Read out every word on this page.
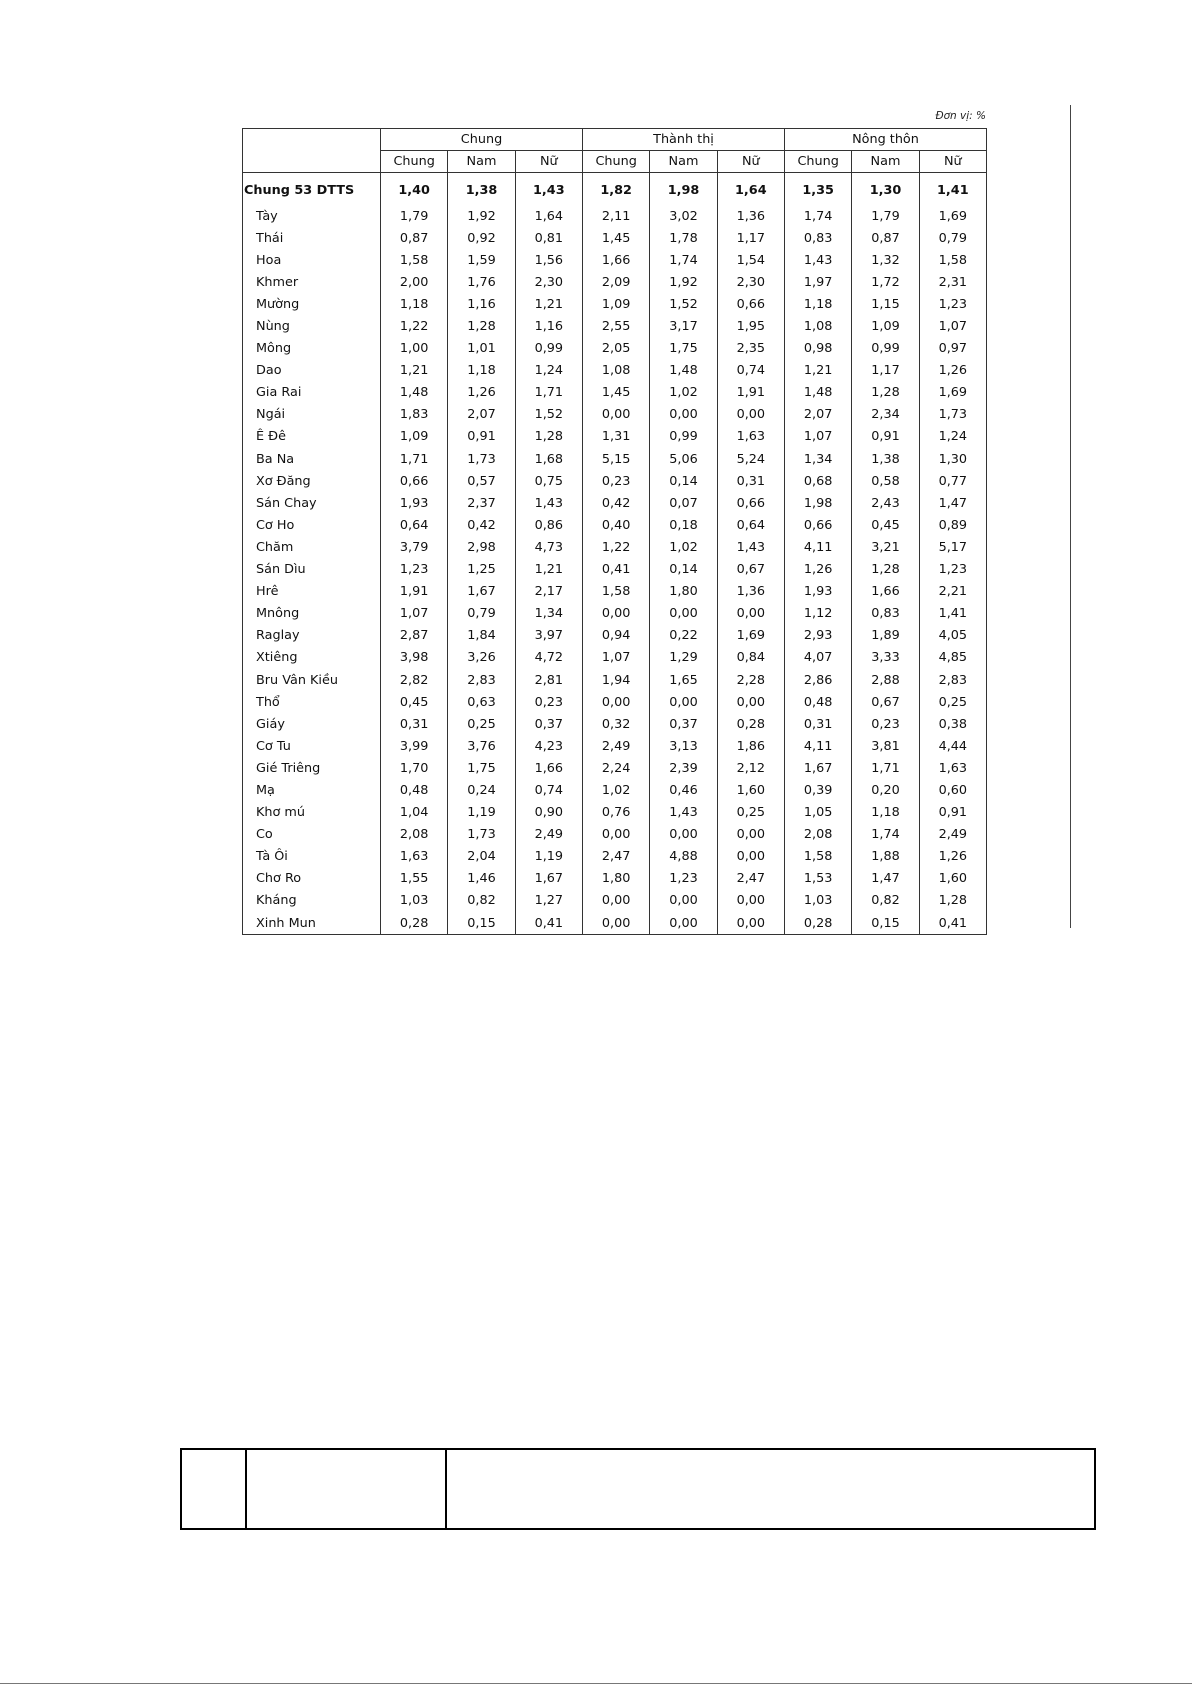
Đơn vị: %
	Chung			Thành thị			Nông thôn		
	Chung	Nam	Nữ	Chung	Nam	Nữ	Chung	Nam	Nữ
Chung 53 DTTS	1,40	1,38	1,43	1,82	1,98	1,64	1,35	1,30	1,41
Tày	1,79	1,92	1,64	2,11	3,02	1,36	1,74	1,79	1,69
Thái	0,87	0,92	0,81	1,45	1,78	1,17	0,83	0,87	0,79
Hoa	1,58	1,59	1,56	1,66	1,74	1,54	1,43	1,32	1,58
Khmer	2,00	1,76	2,30	2,09	1,92	2,30	1,97	1,72	2,31
Mường	1,18	1,16	1,21	1,09	1,52	0,66	1,18	1,15	1,23
Nùng	1,22	1,28	1,16	2,55	3,17	1,95	1,08	1,09	1,07
Mông	1,00	1,01	0,99	2,05	1,75	2,35	0,98	0,99	0,97
Dao	1,21	1,18	1,24	1,08	1,48	0,74	1,21	1,17	1,26
Gia Rai	1,48	1,26	1,71	1,45	1,02	1,91	1,48	1,28	1,69
Ngái	1,83	2,07	1,52	0,00	0,00	0,00	2,07	2,34	1,73
Ê Đê	1,09	0,91	1,28	1,31	0,99	1,63	1,07	0,91	1,24
Ba Na	1,71	1,73	1,68	5,15	5,06	5,24	1,34	1,38	1,30
Xơ Đăng	0,66	0,57	0,75	0,23	0,14	0,31	0,68	0,58	0,77
Sán Chay	1,93	2,37	1,43	0,42	0,07	0,66	1,98	2,43	1,47
Cơ Ho	0,64	0,42	0,86	0,40	0,18	0,64	0,66	0,45	0,89
Chăm	3,79	2,98	4,73	1,22	1,02	1,43	4,11	3,21	5,17
Sán Dìu	1,23	1,25	1,21	0,41	0,14	0,67	1,26	1,28	1,23
Hrê	1,91	1,67	2,17	1,58	1,80	1,36	1,93	1,66	2,21
Mnông	1,07	0,79	1,34	0,00	0,00	0,00	1,12	0,83	1,41
Raglay	2,87	1,84	3,97	0,94	0,22	1,69	2,93	1,89	4,05
Xtiêng	3,98	3,26	4,72	1,07	1,29	0,84	4,07	3,33	4,85
Bru Vân Kiều	2,82	2,83	2,81	1,94	1,65	2,28	2,86	2,88	2,83
Thổ	0,45	0,63	0,23	0,00	0,00	0,00	0,48	0,67	0,25
Giáy	0,31	0,25	0,37	0,32	0,37	0,28	0,31	0,23	0,38
Cơ Tu	3,99	3,76	4,23	2,49	3,13	1,86	4,11	3,81	4,44
Gié Triêng	1,70	1,75	1,66	2,24	2,39	2,12	1,67	1,71	1,63
Mạ	0,48	0,24	0,74	1,02	0,46	1,60	0,39	0,20	0,60
Khơ mú	1,04	1,19	0,90	0,76	1,43	0,25	1,05	1,18	0,91
Co	2,08	1,73	2,49	0,00	0,00	0,00	2,08	1,74	2,49
Tà Ôi	1,63	2,04	1,19	2,47	4,88	0,00	1,58	1,88	1,26
Chơ Ro	1,55	1,46	1,67	1,80	1,23	2,47	1,53	1,47	1,60
Kháng	1,03	0,82	1,27	0,00	0,00	0,00	1,03	0,82	1,28
Xinh Mun	0,28	0,15	0,41	0,00	0,00	0,00	0,28	0,15	0,41
